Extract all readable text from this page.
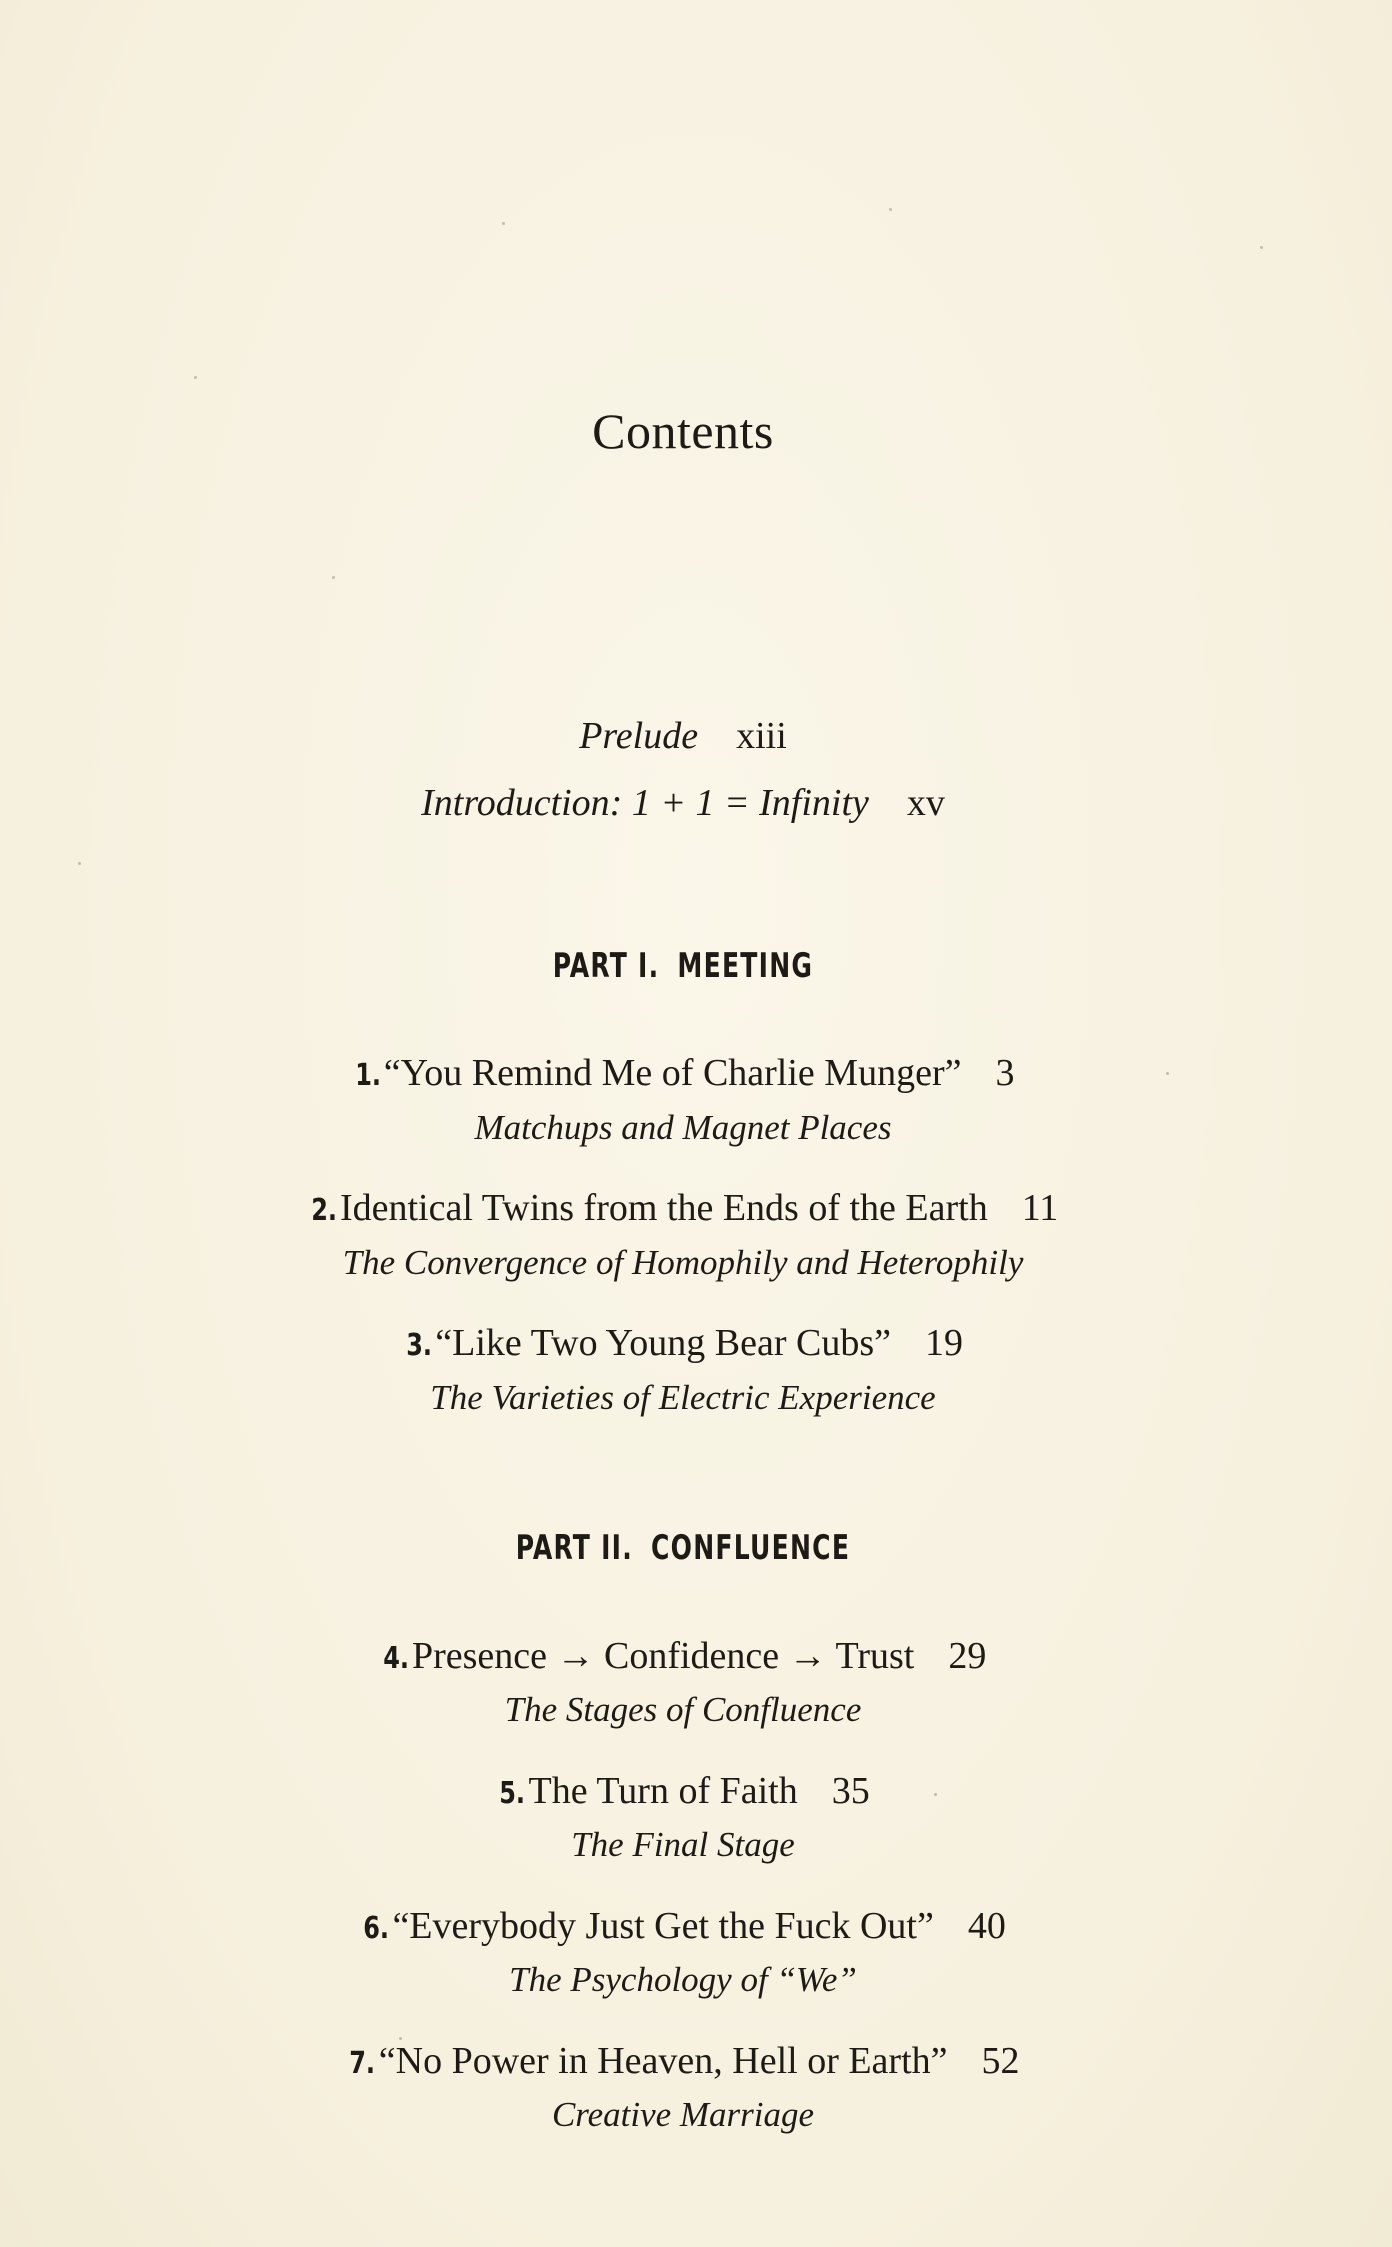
Contents
Prelude xiii
Introduction: 1 + 1 = Infinity xv
PART I. MEETING
1.“You Remind Me of Charlie Munger” 3
Matchups and Magnet Places
2.Identical Twins from the Ends of the Earth 11
The Convergence of Homophily and Heterophily
3.“Like Two Young Bear Cubs” 19
The Varieties of Electric Experience
PART II. CONFLUENCE
4.Presence → Confidence → Trust 29
The Stages of Confluence
5.The Turn of Faith 35
The Final Stage
6.“Everybody Just Get the Fuck Out” 40
The Psychology of “We”
7.“No Power in Heaven, Hell or Earth” 52
Creative Marriage
